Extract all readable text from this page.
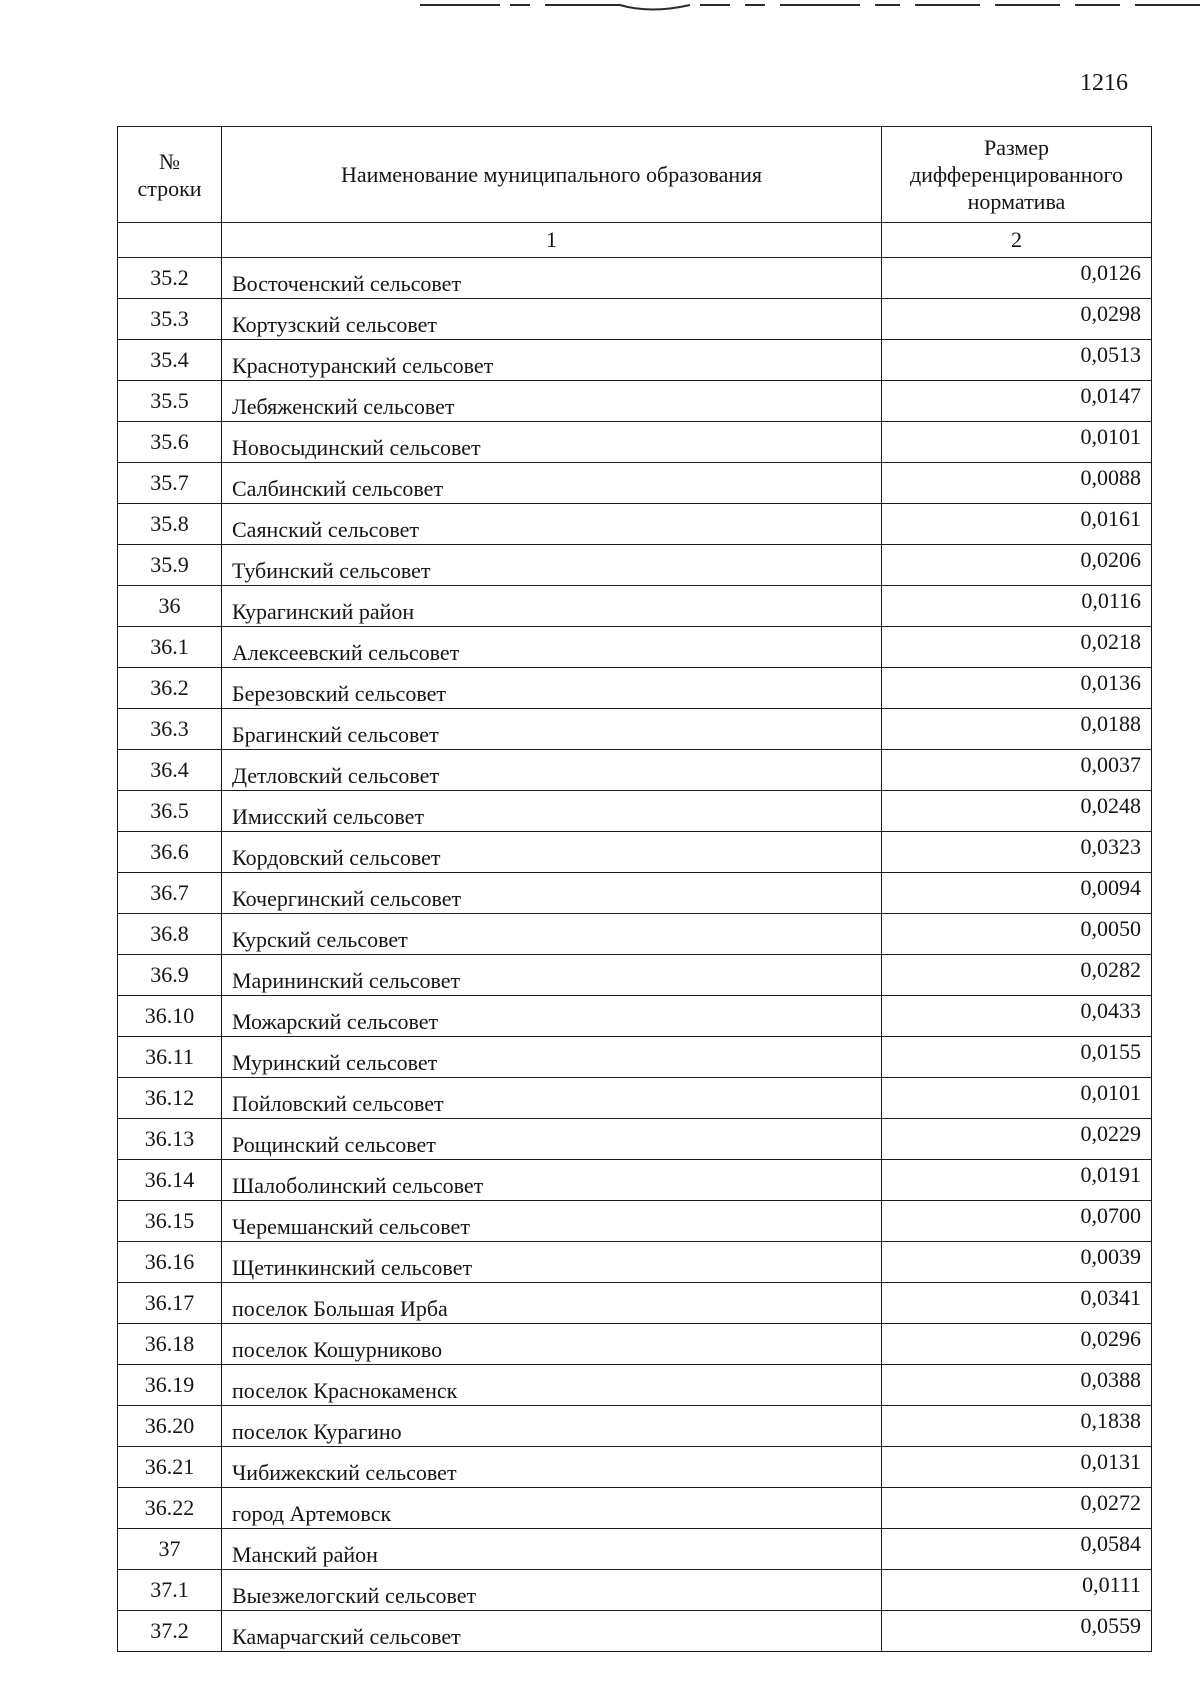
1216
№
строки	Наименование муниципального образования	Размер
дифференцированного
норматива
	1	2
35.2	Восточенский сельсовет	0,0126
35.3	Кортузский сельсовет	0,0298
35.4	Краснотуранский сельсовет	0,0513
35.5	Лебяженский сельсовет	0,0147
35.6	Новосыдинский сельсовет	0,0101
35.7	Салбинский сельсовет	0,0088
35.8	Саянский сельсовет	0,0161
35.9	Тубинский сельсовет	0,0206
36	Курагинский район	0,0116
36.1	Алексеевский сельсовет	0,0218
36.2	Березовский сельсовет	0,0136
36.3	Брагинский сельсовет	0,0188
36.4	Детловский сельсовет	0,0037
36.5	Имисский сельсовет	0,0248
36.6	Кордовский сельсовет	0,0323
36.7	Кочергинский сельсовет	0,0094
36.8	Курский сельсовет	0,0050
36.9	Марининский сельсовет	0,0282
36.10	Можарский сельсовет	0,0433
36.11	Муринский сельсовет	0,0155
36.12	Пойловский сельсовет	0,0101
36.13	Рощинский сельсовет	0,0229
36.14	Шалоболинский сельсовет	0,0191
36.15	Черемшанский сельсовет	0,0700
36.16	Щетинкинский сельсовет	0,0039
36.17	поселок Большая Ирба	0,0341
36.18	поселок Кошурниково	0,0296
36.19	поселок Краснокаменск	0,0388
36.20	поселок Курагино	0,1838
36.21	Чибижекский сельсовет	0,0131
36.22	город Артемовск	0,0272
37	Манский район	0,0584
37.1	Выезжелогский сельсовет	0,0111
37.2	Камарчагский сельсовет	0,0559
